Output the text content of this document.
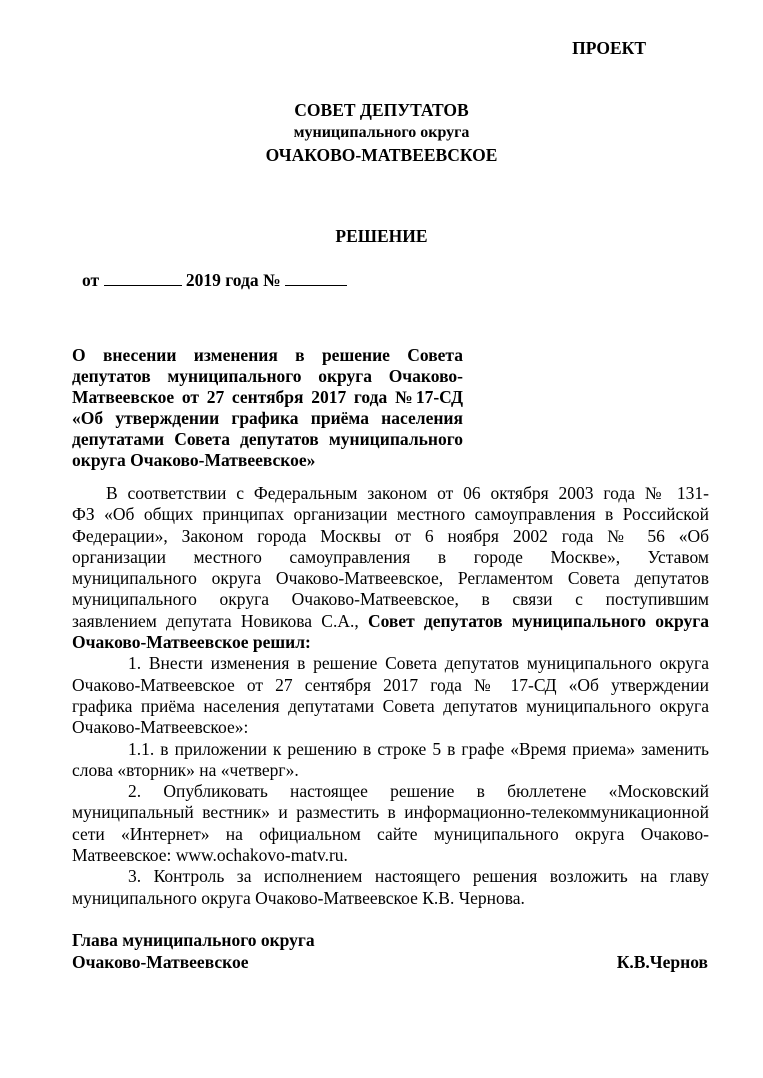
ПРОЕКТ
СОВЕТ ДЕПУТАТОВ
муниципального округа
ОЧАКОВО-МАТВЕЕВСКОЕ
РЕШЕНИЕ
от	2019 года №
О внесении изменения в решение Совета
депутатов муниципального округа Очаково-
Матвеевское от 27 сентября 2017 года №17-СД
«Об утверждении графика приёма населения
депутатами Совета депутатов муниципального
округа Очаково-Матвеевское»
В соответствии с Федеральным законом от 06 октября 2003 года № 131-
ФЗ «Об общих принципах организации местного самоуправления в Российской
Федерации», Законом города Москвы от 6 ноября 2002 года № 56 «Об
организации местного самоуправления в городе Москве», Уставом
муниципального округа Очаково-Матвеевское, Регламентом Совета депутатов
муниципального округа Очаково-Матвеевское, в связи с поступившим
заявлением депутата Новикова С.А., Совет депутатов муниципального округа
Очаково-Матвеевское решил:
1. Внести изменения в решение Совета депутатов муниципального округа
Очаково-Матвеевское от 27 сентября 2017 года № 17-СД «Об утверждении
графика приёма населения депутатами Совета депутатов муниципального округа
Очаково-Матвеевское»:
1.1. в приложении к решению в строке 5 в графе «Время приема» заменить
слова «вторник» на «четверг».
2. Опубликовать настоящее решение в бюллетене «Московский
муниципальный вестник» и разместить в информационно-телекоммуникационной
сети «Интернет» на официальном сайте муниципального округа Очаково-
Матвеевское: www.ochakovo-matv.ru.
3. Контроль за исполнением настоящего решения возложить на главу
муниципального округа Очаково-Матвеевское К.В. Чернова.
Глава муниципального округа
Очаково-Матвеевское	К.В.Чернов
